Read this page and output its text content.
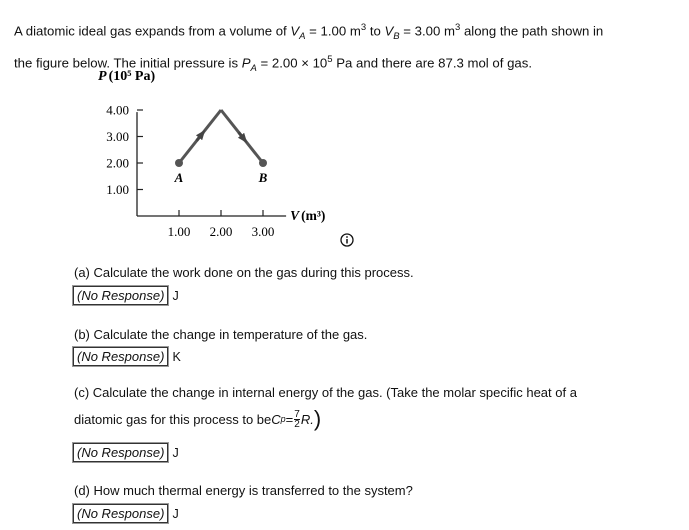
A diatomic ideal gas expands from a volume of $V_A = 1.00$ $m^3$ to $V_B = 3.00$ $m^3$ along the path shown in
the figure below. The initial pressure is $P_A = 2.00 \times 10^5$ Pa and there are 87.3 mol of gas.
P (10⁵ Pa)
1.00
2.00
3.00
4.00
1.00 2.00 3.00
A	B
V (m³)
(a) Calculate the work done on the gas during this process.
(No Response) J
(b) Calculate the change in temperature of the gas.
(No Response) K
(c) Calculate the change in internal energy of the gas. (Take the molar specific heat of a
diatomic gas for this process to be C $p = \frac{7}{2} R$. )
(No Response) J
(d) How much thermal energy is transferred to the system?
(No Response) J
